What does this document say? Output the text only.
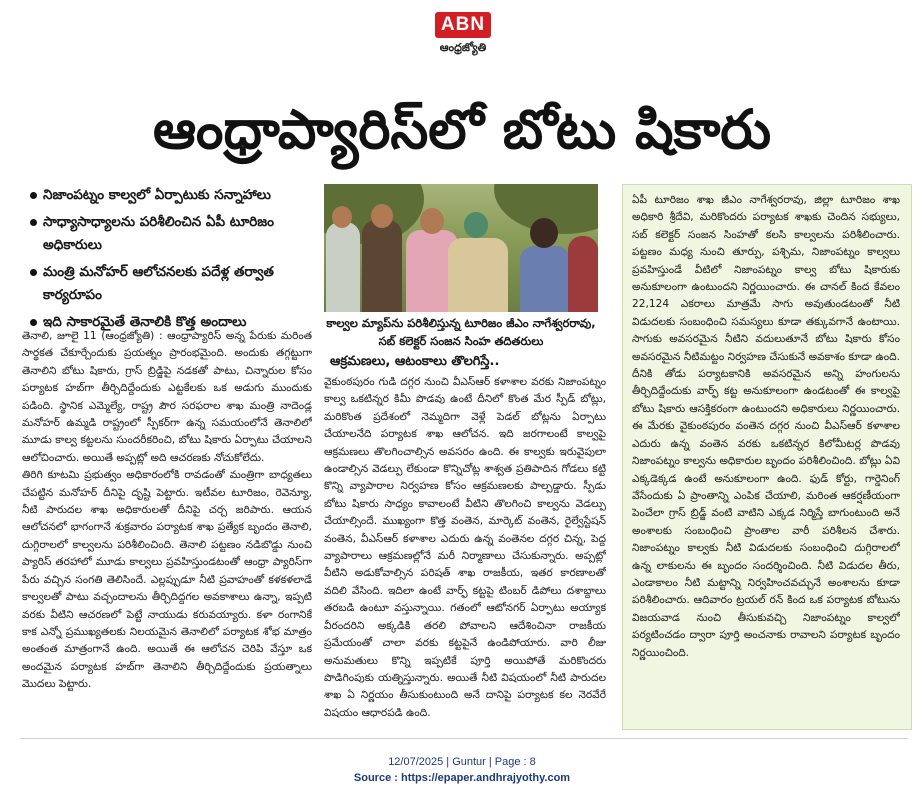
ABN
ఆంధ్రజ్యోతి
ఆంధ్రాప్యారిస్‌లో బోటు షికారు
నిజాంపట్నం కాల్వలో ఏర్పాటుకు సన్నాహాలు
సాధ్యాసాధ్యాలను పరిశీలించిన ఏపీ టూరిజం అధికారులు
మంత్రి మనోహర్ ఆలోచనలకు పదేళ్ల తర్వాత కార్యరూపం
ఇది సాకారమైతే తెనాలికి కొత్త అందాలు

తెనాలి, జూలై 11 (ఆంధ్రజ్యోతి) : ఆంధ్రాప్యారిస్ అన్న పేరుకు మరింత సార్థకత చేకూర్చేందుకు ప్రయత్నం ప్రారంభమైంది. అందుకు తగ్గట్టుగా తెనాలిని బోటు షికారు, గ్రాస్ బ్రిడ్జిపై నడకతో పాటు, చిన్నారుల కోసం పర్యాటక హబ్‌గా తీర్చిదిద్దేందుకు ఎట్టకేలకు ఒక అడుగు ముందుకు పడింది. స్థానిక ఎమ్మెల్యే, రాష్ట్ర పౌర సరఫరాల శాఖ మంత్రి నాదెండ్ల మనోహర్ ఉమ్మడి రాష్ట్రంలో స్పీకర్‌గా ఉన్న సమయంలోనే తెనాలిలో మూడు కాల్వ కట్టలను సుందరీకరించి, బోటు షికారు ఏర్పాటు చేయాలని ఆలోచించారు. అయితే అప్పట్లో అది ఆచరణకు నోచుకోలేదు.

తిరిగి కూటమి ప్రభుత్వం అధికారంలోకి రావడంతో మంత్రిగా బాధ్యతలు చేపట్టిన మనోహర్ దీనిపై దృష్టి పెట్టారు. ఇటీవల టూరిజం, రెవెన్యూ, నీటి పారుదల శాఖ అధికారులతో దీనిపై చర్చ జరిపారు. ఆయన ఆలోచనలో భాగంగానే శుక్రవారం పర్యాటక శాఖ ప్రత్యేక బృందం తెనాలి, దుగ్గిరాలలో కాల్వలను పరిశీలించింది. తెనాలి పట్టణం నడిబొడ్డు నుంచి ప్యారిస్ తరహాలో మూడు కాల్వలు ప్రవహిస్తుండటంతో ఆంధ్రా ప్యారిస్‌గా పేరు వచ్చిన సంగతి తెలిసిందే. ఎల్లప్పుడూ నీటి ప్రవాహంతో కళకళలాడే కాల్వలతో పాటు వచ్చందాలను తీర్చిదిద్దగల అవకాశాలు ఉన్నా, ఇప్పటి వరకు వీటిని ఆచరణలో పెట్టే నాయుడు కరువయ్యారు. కళా రంగానికే కాక ఎన్నో ప్రముఖ్యతలకు నిలయమైన తెనాలిలో పర్యాటక శోభ మాత్రం అంతంత మాత్రంగానే ఉంది. అయితే ఈ ఆలోచన చెరిపి వేస్తూ ఒక అందమైన పర్యాటక హబ్‌గా తెనాలిని తీర్చిదిద్దేందుకు ప్రయత్నాలు మొదలు పెట్టారు.

కాల్వల మ్యాప్‌ను పరిశీలిస్తున్న టూరిజం జీఎం నాగేశ్వరరావు, సబ్ కలెక్టర్ సంజన సింహ తదితరులు
ఆక్రమణలు, ఆటంకాలు తొలగిస్తే..

వైకుంఠపురం గుడి దగ్గర నుంచి వీఎస్ఆర్ కళాశాల వరకు నిజాంపట్నం కాల్వ ఒకటిన్నర కిమీ పొడవు ఉంటే దీనిలో కొంత మేర స్పీడ్ బోట్లు, మరికొంత ప్రదేశంలో నెమ్మదిగా వెళ్లే పెడల్ బోట్లను ఏర్పాటు చేయాలనేది పర్యాటక శాఖ ఆలోచన. ఇది జరగాలంటే కాల్వపై ఆక్రమణలు తొలగించాల్సిన అవసరం ఉంది. ఈ కాల్వకు ఇరువైపులా ఉండాల్సిన వెడల్పు లేకుండా కొన్నిచోట్ల శాశ్వత ప్రతిపాదిన గోడలు కట్టి కొన్ని వ్యాపారాల నిర్వహణ కోసం ఆక్రమణలకు పాల్పడ్డారు. స్పీడు బోటు షికారు సాధ్యం కావాలంటే వీటిని తొలగించి కాల్వను వెడల్పు చేయాల్సిందే. ముఖ్యంగా కొత్త వంతెన, మార్కెట్ వంతెన, రైల్వేస్టేషన్ వంతెన, వీఎస్ఆర్ కళాశాల ఎదురు ఉన్న వంతెనల దగ్గర చిన్న, పెద్ద వ్యాపారాలు ఆక్రమణల్లోనే మరీ నిర్మాణాలు చేసుకున్నారు. అప్పట్లో వీటిని అడుకోవాల్సిన పరిషత్ శాఖ రాజకీయ, ఇతర కారణాలతో వదిలి వేసింది. ఇదిలా ఉంటే వార్ఫ్ కట్టపై టింబర్ డిపోలు దశాబ్దాలు తరబడి ఉంటూ వస్తున్నాయి. గతంలో ఆటోనగర్ ఏర్పాటు అయ్యాక వీరందరిని అక్కడికి తరలి పోవాలని ఆదేశించినా రాజకీయ ప్రమేయంతో చాలా వరకు కట్టపైనే ఉండిపోయారు. వారి లీజు అనుమతులు కొన్ని ఇప్పటికే పూర్తి అయిపోతే మరికొందరు పొడిగింపుకు యత్నిస్తున్నారు. అయితే నీటి విషయంలో నీటి పారుదల శాఖ ఏ నిర్ణయం తీసుకుంటుంది అనే దానిపై పర్యాటక కల నెరవేరే విషయం ఆధారపడి ఉంది.

ఏపీ టూరిజం శాఖ జీఎం నాగేశ్వరరావు, జిల్లా టూరిజం శాఖ అధికారి శ్రీదేవి, మరికొందరు పర్యాటక శాఖకు చెందిన సభ్యులు, సబ్ కలెక్టర్ సంజన సింహతో కలసి కాల్వలను పరిశీలించారు. పట్టణం మధ్య నుంచి తూర్పు, పశ్చిమ, నిజాంపట్నం కాల్వలు ప్రవహిస్తుండే వీటిలో నిజాంపట్నం కాల్వ బోటు షికారుకు అనుకూలంగా ఉంటుందని నిర్ణయించారు. ఈ చానల్ కింద కేవలం 22,124 ఎకరాలు మాత్రమే సాగు అవుతుండటంతో నీటి విడుదలకు సంబంధించి సమస్యలు కూడా తక్కువగానే ఉంటాయి. సాగుకు అవసరమైన నీటిని వదులుతూనే బోటు షికారు కోసం అవసరమైన నీటిమట్టం నిర్వహణ చేసుకునే అవకాశం కూడా ఉంది. దీనికి తోడు పర్యాటకానికి అవసరమైన అన్ని హంగులను తీర్చిదిద్దేందుకు వార్ఫ్ కట్ట అనుకూలంగా ఉండటంతో ఈ కాల్వపై బోటు షికారు ఆసక్తికరంగా ఉంటుందని అధికారులు నిర్ణయించారు. ఈ మేరకు వైకుంఠపురం వంతెన దగ్గర నుంచి వీఎస్ఆర్ కళాశాల ఎదురు ఉన్న వంతెన వరకు ఒకటిన్నర కిలోమీటర్ల పొడవు నిజాంపట్నం కాల్వను అధికారుల బృందం పరిశీలించింది. బోట్లు ఏవి ఎక్కడెక్కడ ఉంటే అనుకూలంగా ఉంది. ఫుడ్ కోర్టు, గార్డెనింగ్ వేసేందుకు ఏ ప్రాంతాన్ని ఎంపిక చేయాలి, మరింత ఆకర్షణీయంగా పెంచేలా గ్రాస్ బ్రిడ్జ్ వంటి వాటిని ఎక్కడ నిర్మిస్తే బాగుంటుంది అనే అంశాలకు సంబంధించి ప్రాంతాల వారీ పరిశీలన చేశారు. నిజాంపట్నం కాల్వకు నీటి విడుదలకు సంబంధించి దుగ్గిరాలలో ఉన్న లాకులను ఈ బృందం సందర్శించింది. నీటి విడుదల తీరు, ఎండాకాలం నీటి మట్టాన్ని నిర్వహించవచ్చునే అంశాలను కూడా పరిశీలించారు. ఆదివారం ట్రయల్ రన్ కింద ఒక పర్యాటక బోటును విజయవాడ నుంచి తీసుకువచ్చి నిజాంపట్నం కాల్వలో పర్యటించడం ద్వారా పూర్తి అంచనాకు రావాలని పర్యాటక బృందం నిర్ణయించింది.

12/07/2025 | Guntur | Page : 8
Source : https://epaper.andhrajyothy.com
